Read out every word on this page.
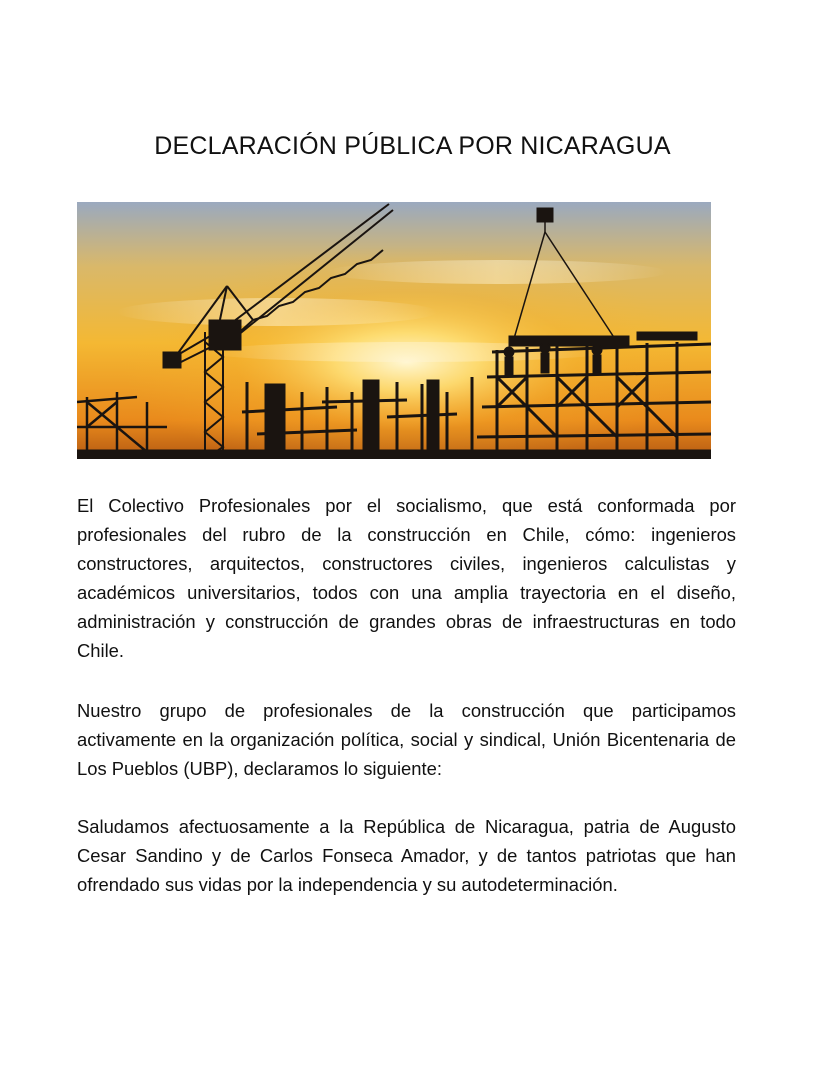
DECLARACIÓN PÚBLICA POR NICARAGUA

El Colectivo Profesionales por el socialismo, que está conformada por profesionales del rubro de la construcción en Chile, cómo: ingenieros constructores, arquitectos, constructores civiles, ingenieros calculistas y académicos universitarios, todos con una amplia trayectoria en el diseño, administración y construcción de grandes obras de infraestructuras en todo Chile.

Nuestro grupo de profesionales de la construcción que participamos activamente en la organización política, social y sindical, Unión Bicentenaria de Los Pueblos (UBP), declaramos lo siguiente:

Saludamos afectuosamente a la República de Nicaragua, patria de Augusto Cesar Sandino y de Carlos Fonseca Amador, y de tantos patriotas que han ofrendado sus vidas por la independencia y su autodeterminación.
